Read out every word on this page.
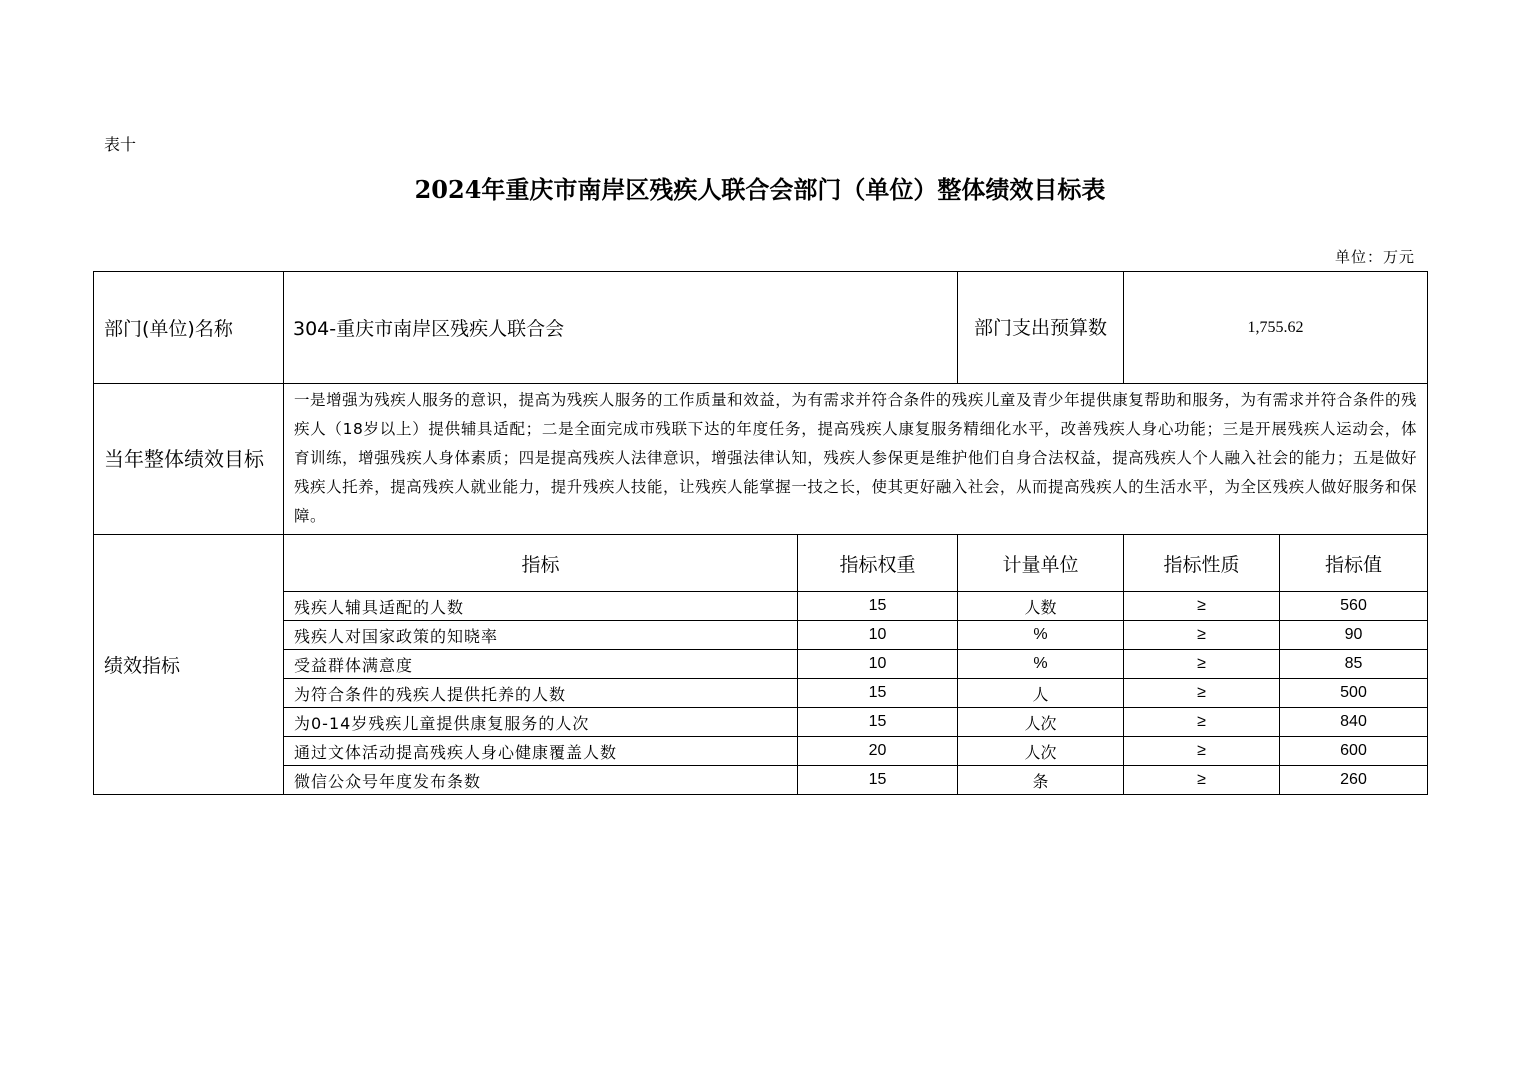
表十
2024年重庆市南岸区残疾人联合会部门（单位）整体绩效目标表
单位：万元
部门(单位)名称	304-重庆市南岸区残疾人联合会		部门支出预算数	1,755.62	
当年整体绩效目标	一是增强为残疾人服务的意识，提高为残疾人服务的工作质量和效益，为有需求并符合条件的残疾儿童及青少年提供康复帮助和服务，为有需求并符合条件的残疾人（18岁以上）提供辅具适配；二是全面完成市残联下达的年度任务，提高残疾人康复服务精细化水平，改善残疾人身心功能；三是开展残疾人运动会，体育训练，增强残疾人身体素质；四是提高残疾人法律意识，增强法律认知，残疾人参保更是维护他们自身合法权益，提高残疾人个人融入社会的能力；五是做好残疾人托养，提高残疾人就业能力，提升残疾人技能，让残疾人能掌握一技之长，使其更好融入社会，从而提高残疾人的生活水平，为全区残疾人做好服务和保障。				
绩效指标	指标	指标权重	计量单位	指标性质	指标值
	残疾人辅具适配的人数	15	人数	≥	560
	残疾人对国家政策的知晓率	10	%	≥	90
	受益群体满意度	10	%	≥	85
	为符合条件的残疾人提供托养的人数	15	人	≥	500
	为0-14岁残疾儿童提供康复服务的人次	15	人次	≥	840
	通过文体活动提高残疾人身心健康覆盖人数	20	人次	≥	600
	微信公众号年度发布条数	15	条	≥	260
